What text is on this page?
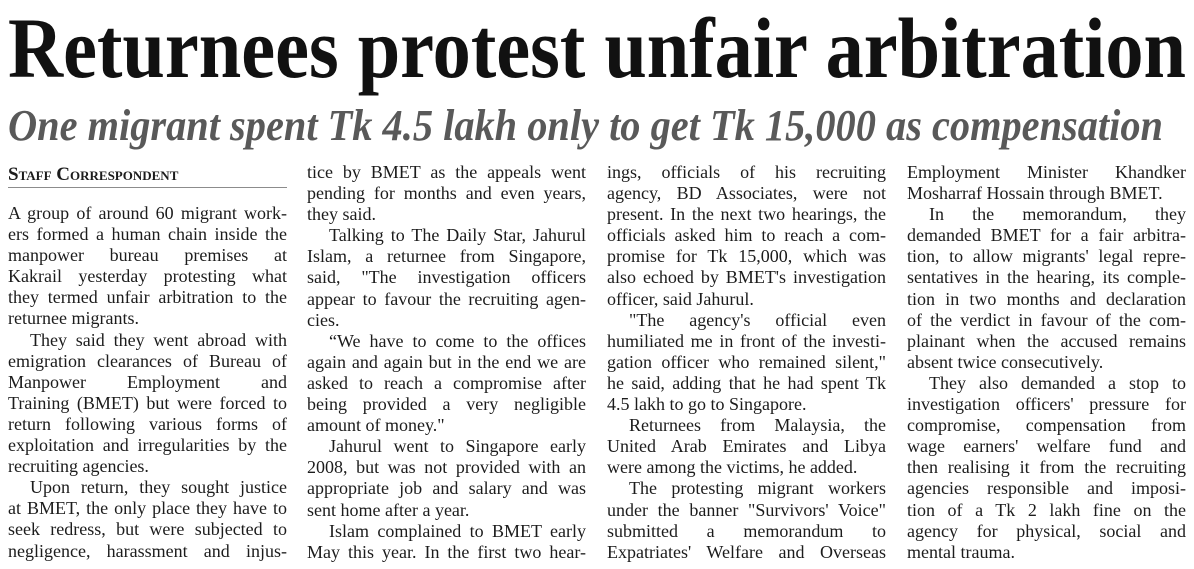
Returnees protest unfair arbitration
One migrant spent Tk 4.5 lakh only to get Tk 15,000 as compensation
Staff Correspondent
A group of around 60 migrant work-
ers formed a human chain inside the
manpower bureau premises at
Kakrail yesterday protesting what
they termed unfair arbitration to the
returnee migrants.
They said they went abroad with
emigration clearances of Bureau of
Manpower Employment and
Training (BMET) but were forced to
return following various forms of
exploitation and irregularities by the
recruiting agencies.
Upon return, they sought justice
at BMET, the only place they have to
seek redress, but were subjected to
negligence, harassment and injus-
tice by BMET as the appeals went
pending for months and even years,
they said.
Talking to The Daily Star, Jahurul
Islam, a returnee from Singapore,
said, "The investigation officers
appear to favour the recruiting agen-
cies.
“We have to come to the offices
again and again but in the end we are
asked to reach a compromise after
being provided a very negligible
amount of money."
Jahurul went to Singapore early
2008, but was not provided with an
appropriate job and salary and was
sent home after a year.
Islam complained to BMET early
May this year. In the first two hear-
ings, officials of his recruiting
agency, BD Associates, were not
present. In the next two hearings, the
officials asked him to reach a com-
promise for Tk 15,000, which was
also echoed by BMET's investigation
officer, said Jahurul.
"The agency's official even
humiliated me in front of the investi-
gation officer who remained silent,"
he said, adding that he had spent Tk
4.5 lakh to go to Singapore.
Returnees from Malaysia, the
United Arab Emirates and Libya
were among the victims, he added.
The protesting migrant workers
under the banner "Survivors' Voice"
submitted a memorandum to
Expatriates' Welfare and Overseas
Employment Minister Khandker
Mosharraf Hossain through BMET.
In the memorandum, they
demanded BMET for a fair arbitra-
tion, to allow migrants' legal repre-
sentatives in the hearing, its comple-
tion in two months and declaration
of the verdict in favour of the com-
plainant when the accused remains
absent twice consecutively.
They also demanded a stop to
investigation officers' pressure for
compromise, compensation from
wage earners' welfare fund and
then realising it from the recruiting
agencies responsible and imposi-
tion of a Tk 2 lakh fine on the
agency for physical, social and
mental trauma.
